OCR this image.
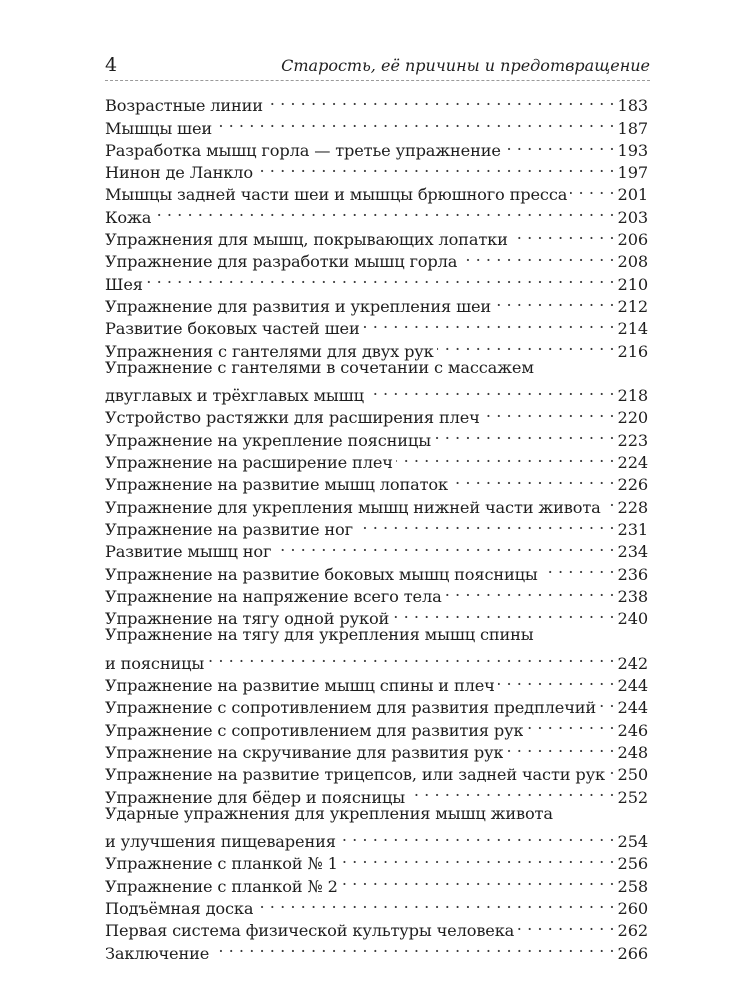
4	Старость, её причины и предотвращение
Возрастные линии . . .	183
Мышцы шеи . . .	187
Разработка мышц горла — третье упражнение . . .	193
Нинон де Ланкло . . .	197
Мышцы задней части шеи и мышцы брюшного пресса . . .	201
Кожа . . .	203
Упражнения для мышц, покрывающих лопатки . . .	206
Упражнение для разработки мышц горла . . .	208
Шея . . .	210
Упражнение для развития и укрепления шеи . . .	212
Развитие боковых частей шеи . . .	214
Упражнения с гантелями для двух рук . . .	216
Упражнение с гантелями в сочетании с массажем
двуглавых и трёхглавых мышц . . .	218
Устройство растяжки для расширения плеч . . .	220
Упражнение на укрепление поясницы . . .	223
Упражнение на расширение плеч . . .	224
Упражнение на развитие мышц лопаток . . .	226
Упражнение для укрепления мышц нижней части живота . . . 228
Упражнение на развитие ног . . .	231
Развитие мышц ног . . .	234
Упражнение на развитие боковых мышц поясницы . . .	236
Упражнение на напряжение всего тела . . .	238
Упражнение на тягу одной рукой . . .	240
Упражнение на тягу для укрепления мышц спины
и поясницы . . .	242
Упражнение на развитие мышц спины и плеч . . .	244
Упражнение с сопротивлением для развития предплечий . . . 244
Упражнение с сопротивлением для развития рук . . .	246
Упражнение на скручивание для развития рук . . .	248
Упражнение на развитие трицепсов, или задней части рук . . . 250
Упражнение для бёдер и поясницы . . .	252
Ударные упражнения для укрепления мышц живота
и улучшения пищеварения . . .	254
Упражнение с планкой № 1 . . .	256
Упражнение с планкой № 2 . . .	258
Подъёмная доска . . .	260
Первая система физической культуры человека . . .	262
Заключение . . .	266
